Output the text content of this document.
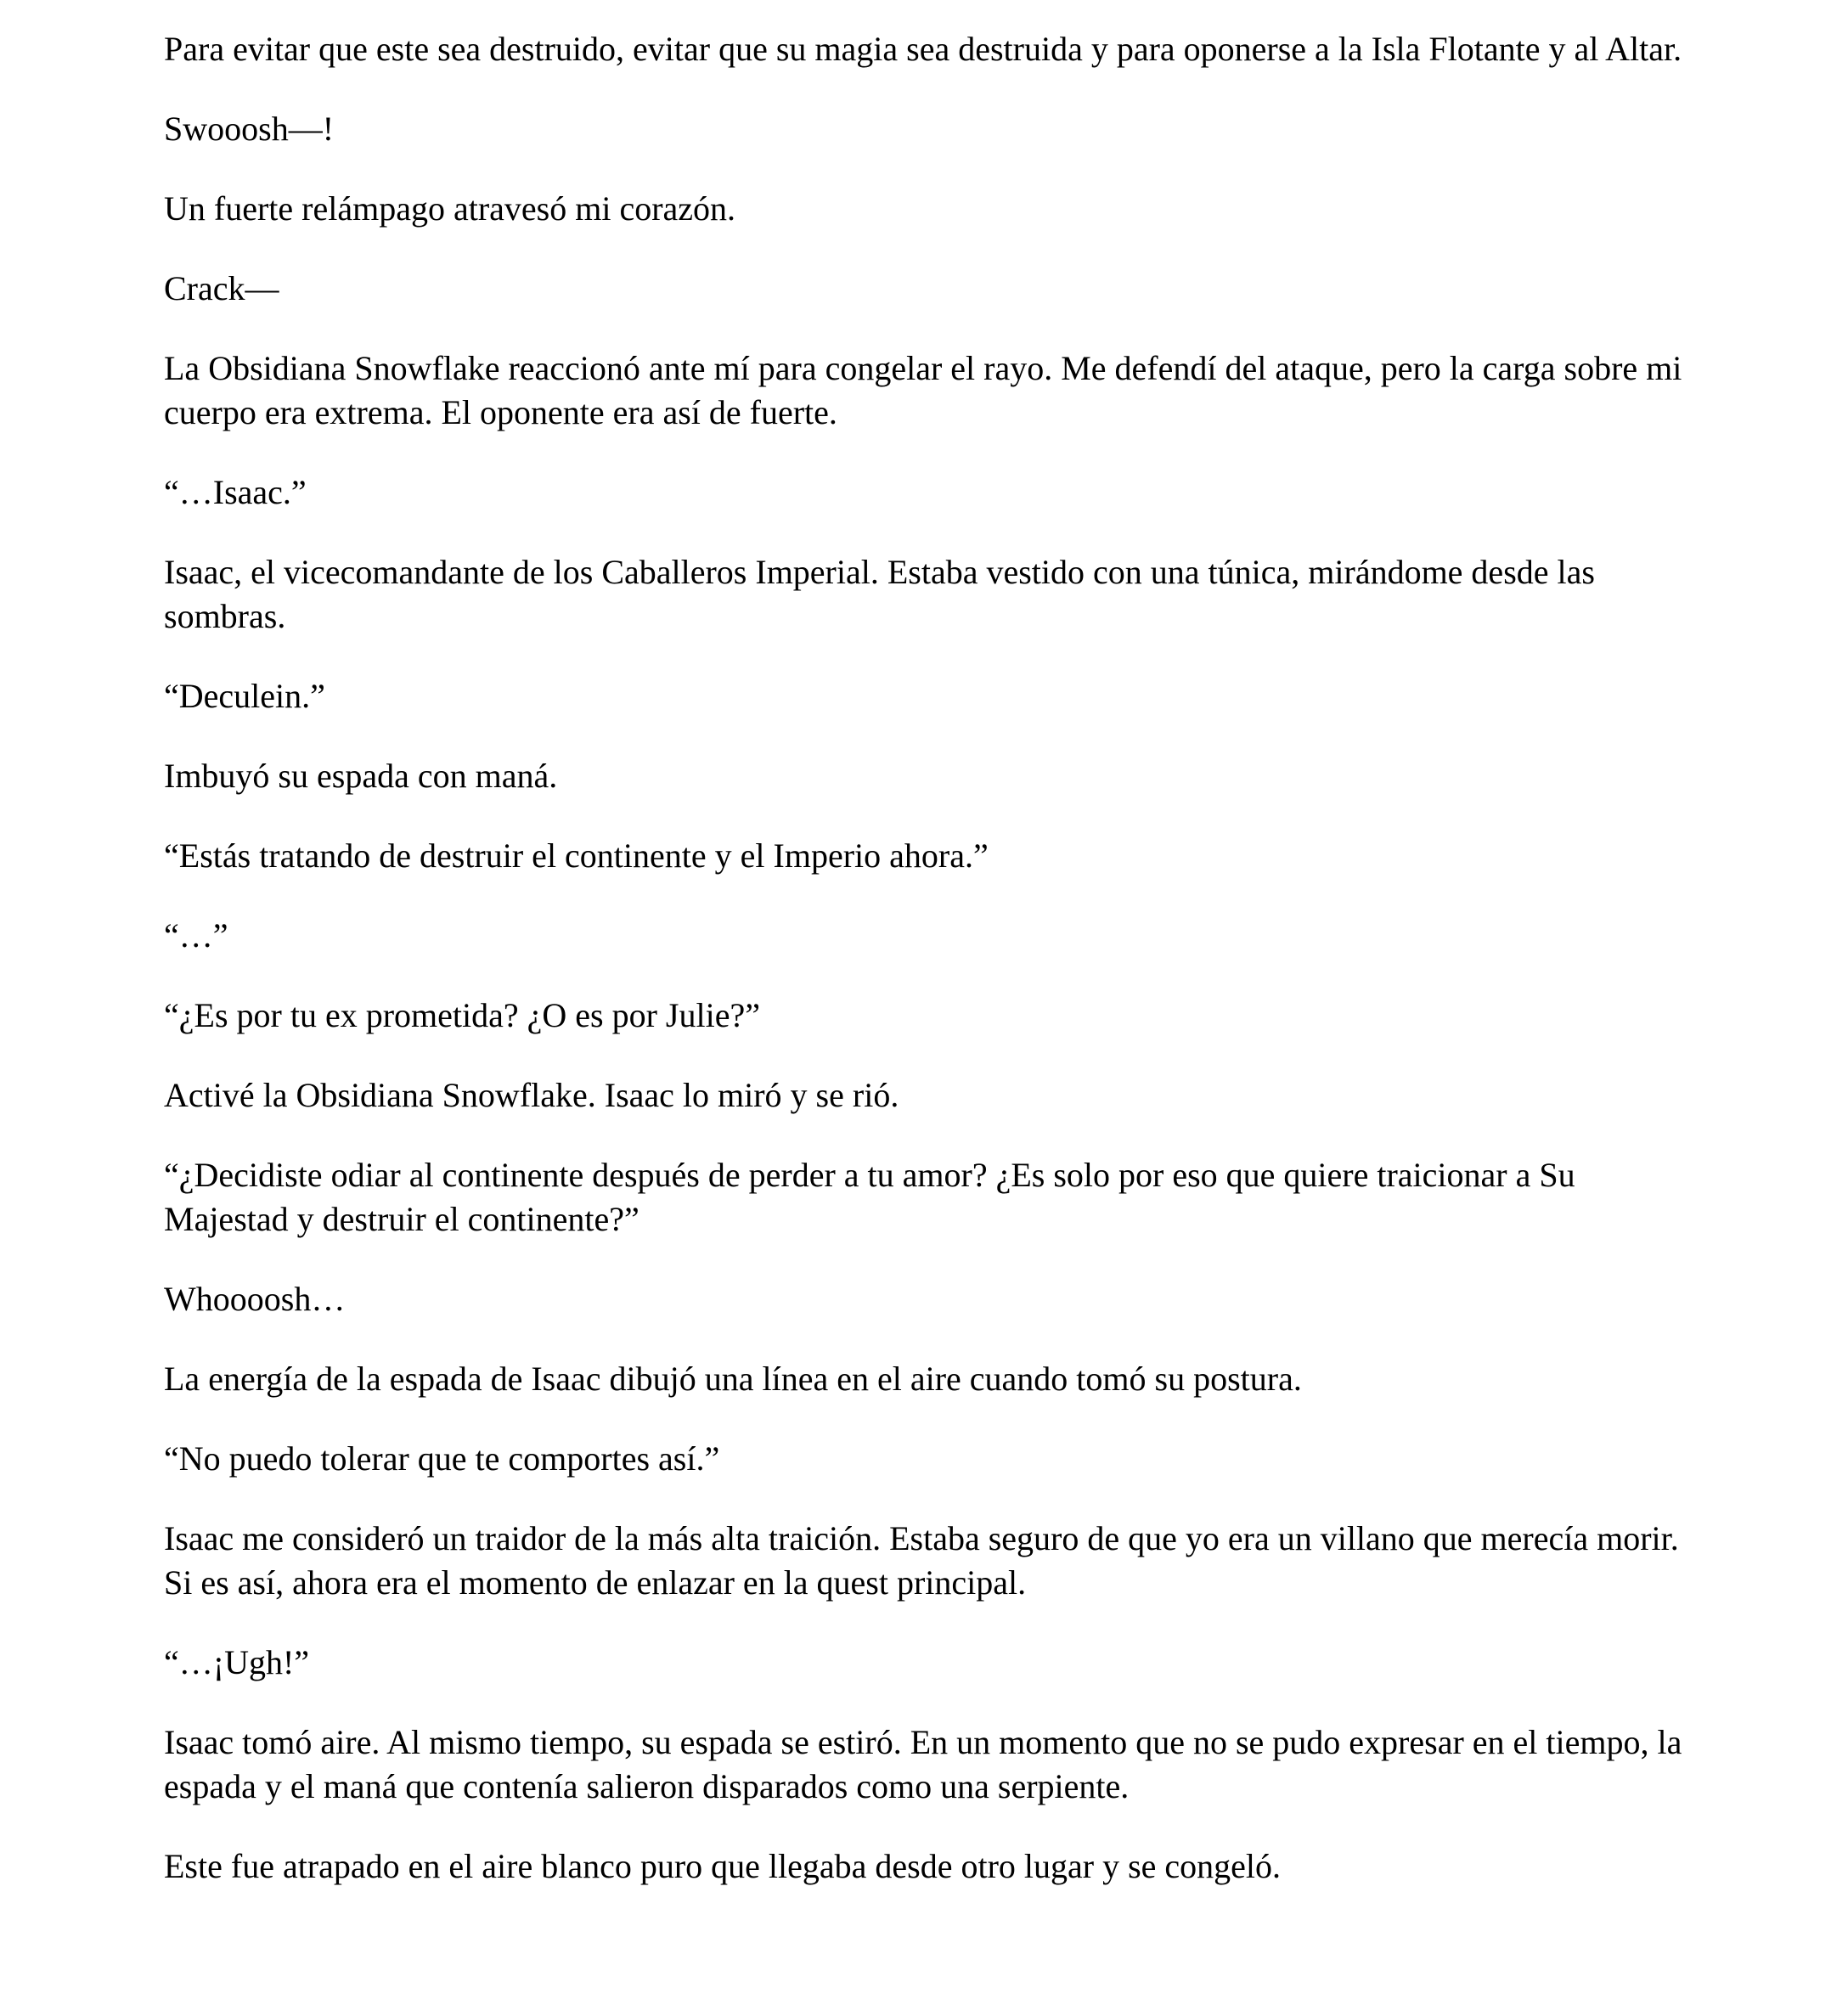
Para evitar que este sea destruido, evitar que su magia sea destruida y para oponerse a la Isla Flotante y al Altar.

Swooosh—!

Un fuerte relámpago atravesó mi corazón.

Crack—

La Obsidiana Snowflake reaccionó ante mí para congelar el rayo. Me defendí del ataque, pero la carga sobre mi cuerpo era extrema. El oponente era así de fuerte.

“…Isaac.”

Isaac, el vicecomandante de los Caballeros Imperial. Estaba vestido con una túnica, mirándome desde las sombras.

“Deculein.”

Imbuyó su espada con maná.

“Estás tratando de destruir el continente y el Imperio ahora.”

“…”

“¿Es por tu ex prometida? ¿O es por Julie?”

Activé la Obsidiana Snowflake. Isaac lo miró y se rió.

“¿Decidiste odiar al continente después de perder a tu amor? ¿Es solo por eso que quiere traicionar a Su Majestad y destruir el continente?”

Whoooosh…

La energía de la espada de Isaac dibujó una línea en el aire cuando tomó su postura.

“No puedo tolerar que te comportes así.”

Isaac me consideró un traidor de la más alta traición. Estaba seguro de que yo era un villano que merecía morir. Si es así, ahora era el momento de enlazar en la quest principal.

“…¡Ugh!”

Isaac tomó aire. Al mismo tiempo, su espada se estiró. En un momento que no se pudo expresar en el tiempo, la espada y el maná que contenía salieron disparados como una serpiente.

Este fue atrapado en el aire blanco puro que llegaba desde otro lugar y se congeló.
